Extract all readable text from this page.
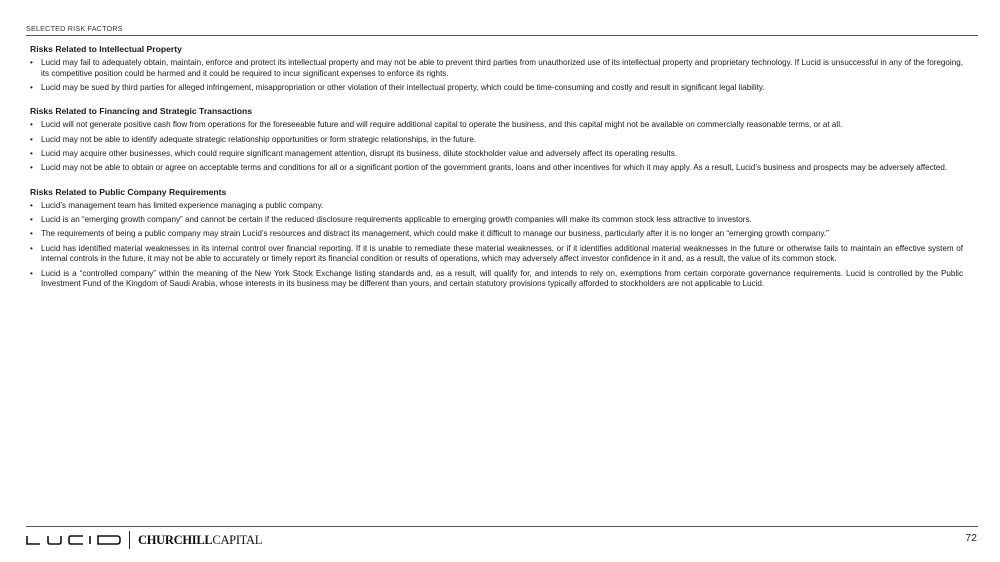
SELECTED RISK FACTORS
Risks Related to Intellectual Property
• Lucid may fail to adequately obtain, maintain, enforce and protect its intellectual property and may not be able to prevent third parties from unauthorized use of its intellectual property and proprietary technology. If Lucid is unsuccessful in any of the foregoing, its competitive position could be harmed and it could be required to incur significant expenses to enforce its rights.
• Lucid may be sued by third parties for alleged infringement, misappropriation or other violation of their intellectual property, which could be time-consuming and costly and result in significant legal liability.
Risks Related to Financing and Strategic Transactions
• Lucid will not generate positive cash flow from operations for the foreseeable future and will require additional capital to operate the business, and this capital might not be available on commercially reasonable terms, or at all.
• Lucid may not be able to identify adequate strategic relationship opportunities or form strategic relationships, in the future.
• Lucid may acquire other businesses, which could require significant management attention, disrupt its business, dilute stockholder value and adversely affect its operating results.
• Lucid may not be able to obtain or agree on acceptable terms and conditions for all or a significant portion of the government grants, loans and other incentives for which it may apply. As a result, Lucid’s business and prospects may be adversely affected.
Risks Related to Public Company Requirements
• Lucid’s management team has limited experience managing a public company.
• Lucid is an “emerging growth company” and cannot be certain if the reduced disclosure requirements applicable to emerging growth companies will make its common stock less attractive to investors.
• The requirements of being a public company may strain Lucid’s resources and distract its management, which could make it difficult to manage our business, particularly after it is no longer an “emerging growth company.”
• Lucid has identified material weaknesses in its internal control over financial reporting. If it is unable to remediate these material weaknesses, or if it identifies additional material weaknesses in the future or otherwise fails to maintain an effective system of internal controls in the future, it may not be able to accurately or timely report its financial condition or results of operations, which may adversely affect investor confidence in it and, as a result, the value of its common stock.
• Lucid is a “controlled company” within the meaning of the New York Stock Exchange listing standards and, as a result, will qualify for, and intends to rely on, exemptions from certain corporate governance requirements. Lucid is controlled by the Public Investment Fund of the Kingdom of Saudi Arabia, whose interests in its business may be different than yours, and certain statutory provisions typically afforded to stockholders are not applicable to Lucid.
CHURCHILLCAPITAL	72
